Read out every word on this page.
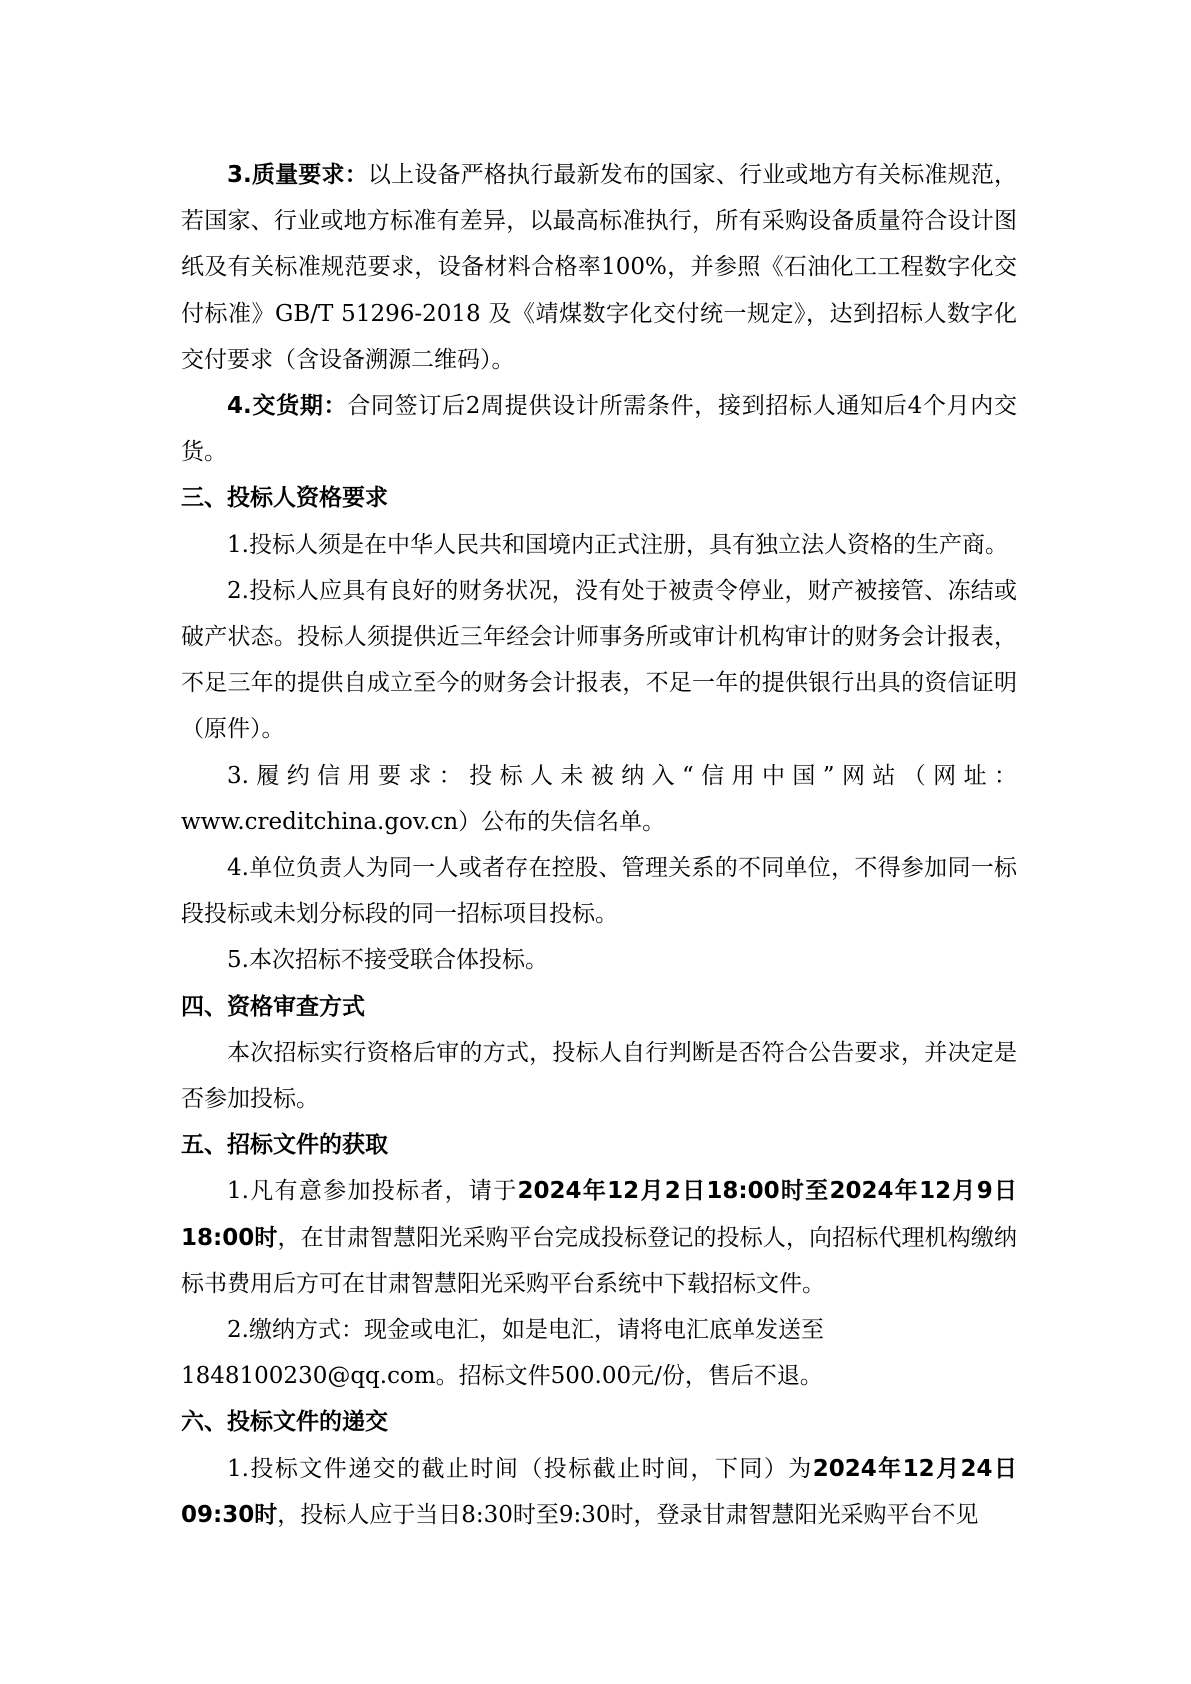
3.质量要求：以上设备严格执行最新发布的国家、行业或地方有关标准规范，若国家、行业或地方标准有差异，以最高标准执行，所有采购设备质量符合设计图纸及有关标准规范要求，设备材料合格率100%，并参照《石油化工工程数字化交付标准》GB/T 51296-2018 及《靖煤数字化交付统一规定》，达到招标人数字化交付要求（含设备溯源二维码）。

4.交货期：合同签订后2周提供设计所需条件，接到招标人通知后4个月内交货。

三、投标人资格要求

1.投标人须是在中华人民共和国境内正式注册，具有独立法人资格的生产商。

2.投标人应具有良好的财务状况，没有处于被责令停业，财产被接管、冻结或破产状态。投标人须提供近三年经会计师事务所或审计机构审计的财务会计报表，不足三年的提供自成立至今的财务会计报表，不足一年的提供银行出具的资信证明（原件）。

3.履约信用要求：投标人未被纳入“信用中国”网站（网址：

www.creditchina.gov.cn）公布的失信名单。

4.单位负责人为同一人或者存在控股、管理关系的不同单位，不得参加同一标段投标或未划分标段的同一招标项目投标。

5.本次招标不接受联合体投标。

四、资格审查方式

本次招标实行资格后审的方式，投标人自行判断是否符合公告要求，并决定是否参加投标。

五、招标文件的获取

1.凡有意参加投标者，请于2024年12月2日18:00时至2024年12月9日18:00时，在甘肃智慧阳光采购平台完成投标登记的投标人，向招标代理机构缴纳标书费用后方可在甘肃智慧阳光采购平台系统中下载招标文件。

2.缴纳方式：现金或电汇，如是电汇，请将电汇底单发送至

1848100230@qq.com。招标文件500.00元/份，售后不退。

六、投标文件的递交

1.投标文件递交的截止时间（投标截止时间，下同）为2024年12月24日09:30时，投标人应于当日8:30时至9:30时，登录甘肃智慧阳光采购平台不见
